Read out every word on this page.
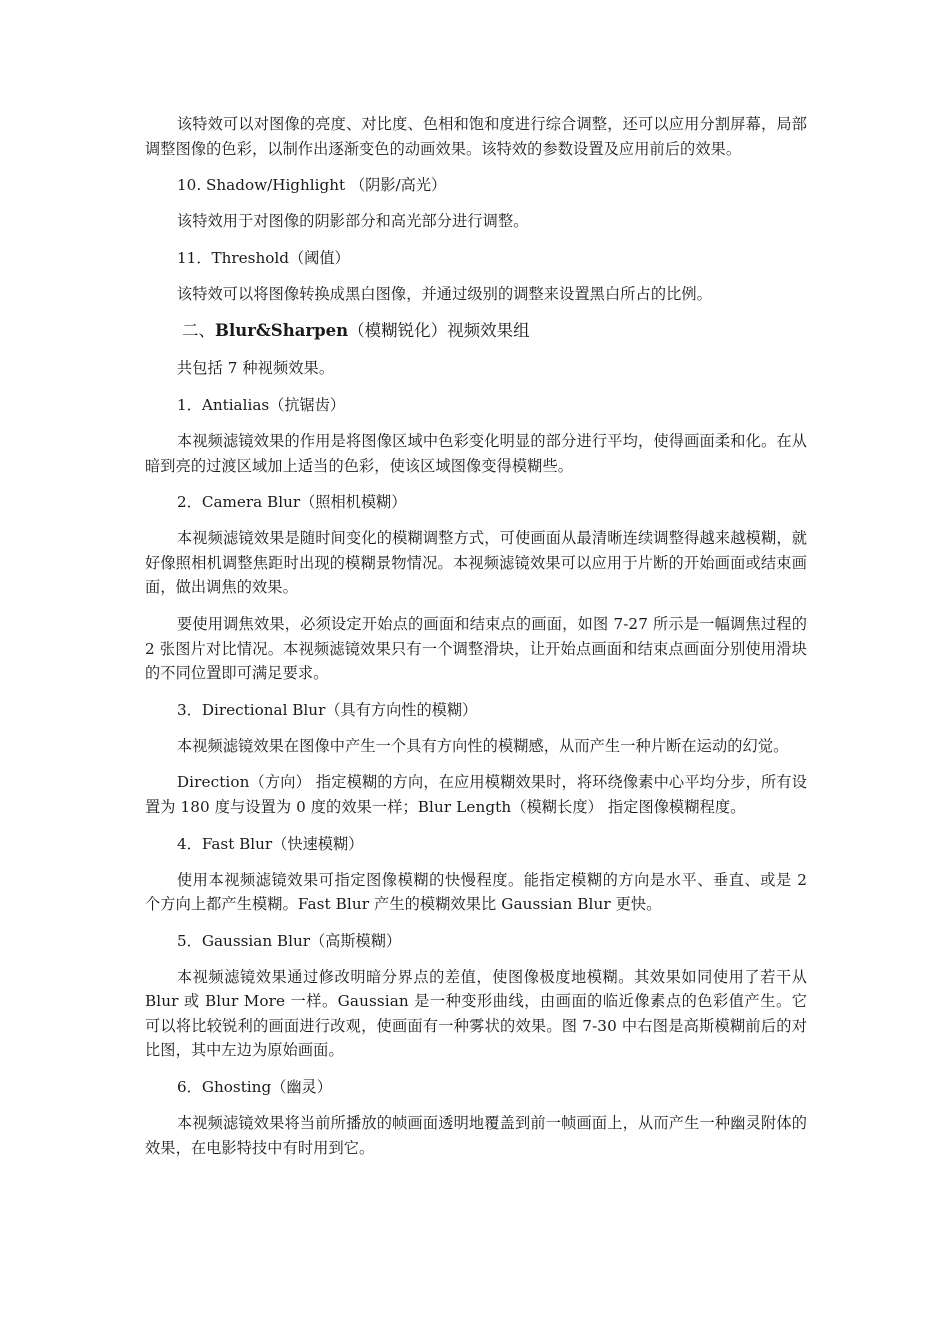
该特效可以对图像的亮度、对比度、色相和饱和度进行综合调整，还可以应用分割屏幕，局部调整图像的色彩，以制作出逐渐变色的动画效果。该特效的参数设置及应用前后的效果。

10. Shadow/Highlight （阴影/高光）

该特效用于对图像的阴影部分和高光部分进行调整。

11．Threshold（阈值）

该特效可以将图像转换成黑白图像，并通过级别的调整来设置黑白所占的比例。

二、Blur&Sharpen（模糊锐化）视频效果组

共包括 7 种视频效果。

1．Antialias（抗锯齿）

本视频滤镜效果的作用是将图像区域中色彩变化明显的部分进行平均，使得画面柔和化。在从暗到亮的过渡区域加上适当的色彩，使该区域图像变得模糊些。

2．Camera Blur（照相机模糊）

本视频滤镜效果是随时间变化的模糊调整方式，可使画面从最清晰连续调整得越来越模糊，就好像照相机调整焦距时出现的模糊景物情况。本视频滤镜效果可以应用于片断的开始画面或结束画面，做出调焦的效果。

要使用调焦效果，必须设定开始点的画面和结束点的画面，如图 7-27 所示是一幅调焦过程的 2 张图片对比情况。本视频滤镜效果只有一个调整滑块，让开始点画面和结束点画面分别使用滑块的不同位置即可满足要求。

3．Directional Blur（具有方向性的模糊）

本视频滤镜效果在图像中产生一个具有方向性的模糊感，从而产生一种片断在运动的幻觉。

Direction（方向） 指定模糊的方向，在应用模糊效果时，将环绕像素中心平均分步，所有设置为 180 度与设置为 0 度的效果一样；Blur Length（模糊长度） 指定图像模糊程度。

4．Fast Blur（快速模糊）

使用本视频滤镜效果可指定图像模糊的快慢程度。能指定模糊的方向是水平、垂直、或是 2 个方向上都产生模糊。Fast Blur 产生的模糊效果比 Gaussian Blur 更快。

5．Gaussian Blur（高斯模糊）

本视频滤镜效果通过修改明暗分界点的差值，使图像极度地模糊。其效果如同使用了若干从 Blur 或 Blur More 一样。Gaussian 是一种变形曲线，由画面的临近像素点的色彩值产生。它可以将比较锐利的画面进行改观，使画面有一种雾状的效果。图 7-30 中右图是高斯模糊前后的对比图，其中左边为原始画面。

6．Ghosting（幽灵）

本视频滤镜效果将当前所播放的帧画面透明地覆盖到前一帧画面上，从而产生一种幽灵附体的效果，在电影特技中有时用到它。
